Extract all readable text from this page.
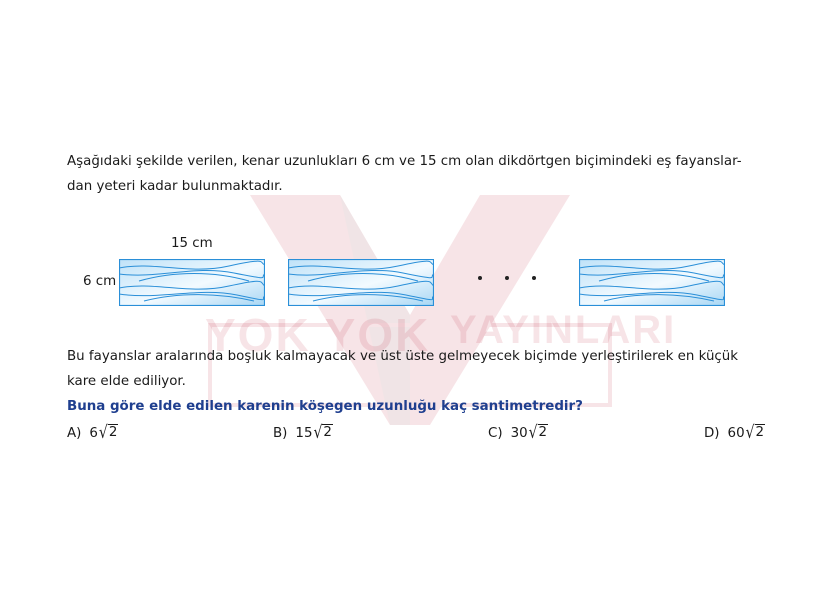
YOK YOK YAYINLARI
Aşağıdaki şekilde verilen, kenar uzunlukları 6 cm ve 15 cm olan dikdörtgen biçimindeki eş fayanslar-
dan yeteri kadar bulunmaktadır.
15 cm
6 cm
Bu fayanslar aralarında boşluk kalmayacak ve üst üste gelmeyecek biçimde yerleştirilerek en küçük
kare elde ediliyor.
Buna göre elde edilen karenin köşegen uzunluğu kaç santimetredir?
A) 6 √ 2	B) 15 √ 2	C) 30 √ 2	D) 60 √ 2
